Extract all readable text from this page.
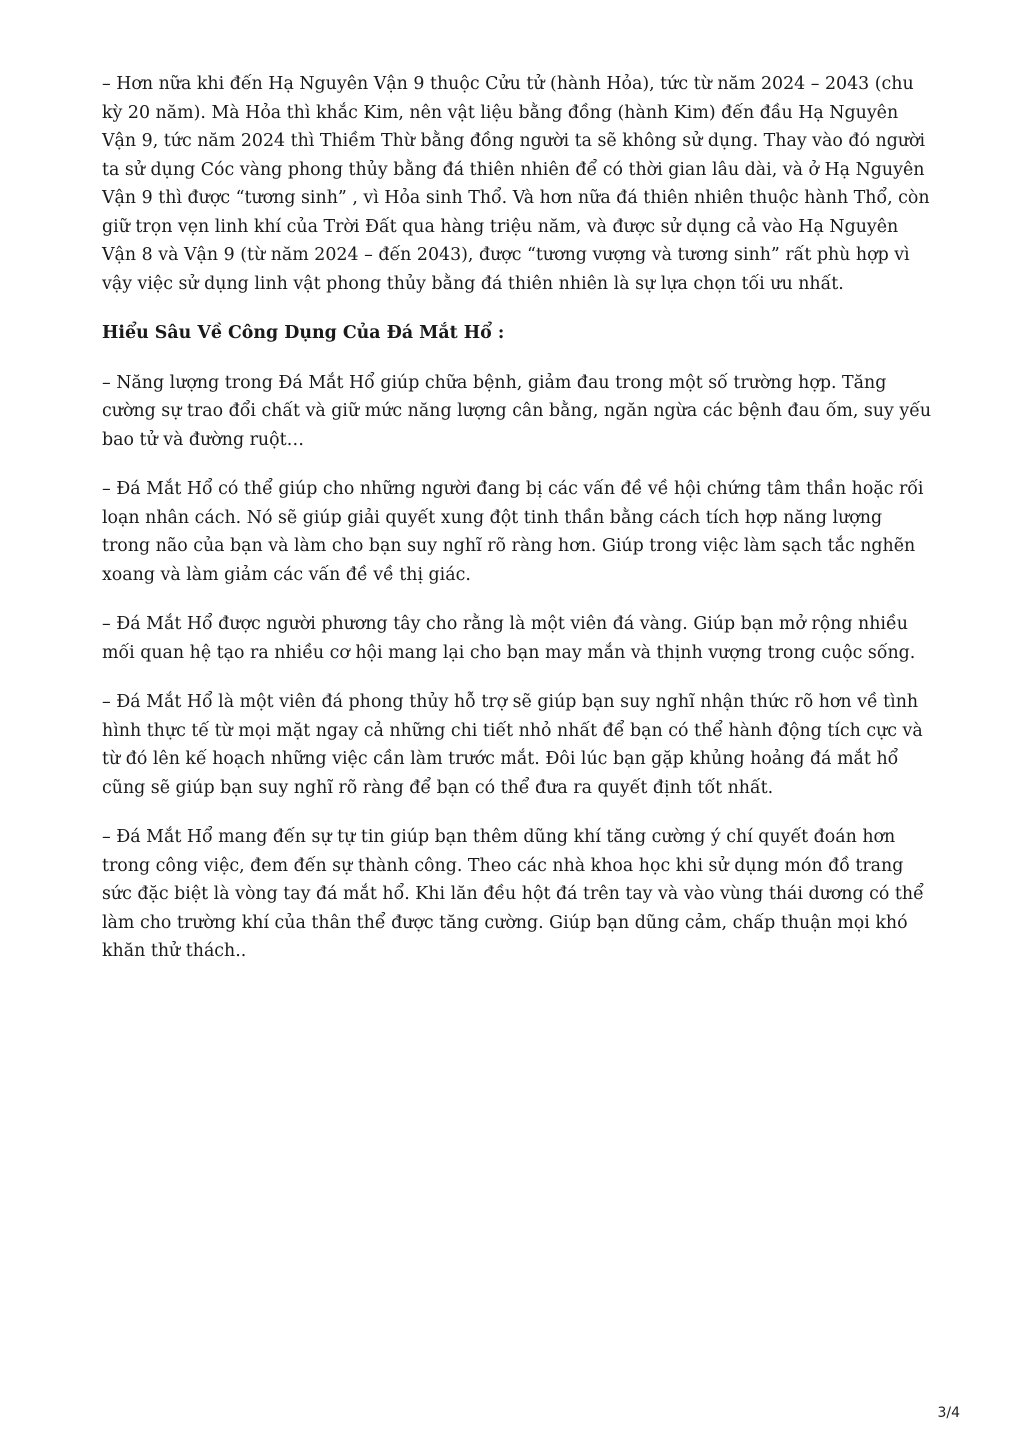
– Hơn nữa khi đến Hạ Nguyên Vận 9 thuộc Cửu tử (hành Hỏa), tức từ năm 2024 – 2043 (chu kỳ 20 năm). Mà Hỏa thì khắc Kim, nên vật liệu bằng đồng (hành Kim) đến đầu Hạ Nguyên Vận 9, tức năm 2024 thì Thiềm Thừ bằng đồng người ta sẽ không sử dụng. Thay vào đó người ta sử dụng Cóc vàng phong thủy bằng đá thiên nhiên để có thời gian lâu dài, và ở Hạ Nguyên Vận 9 thì được “tương sinh” , vì Hỏa sinh Thổ. Và hơn nữa đá thiên nhiên thuộc hành Thổ, còn giữ trọn vẹn linh khí của Trời Đất qua hàng triệu năm, và được sử dụng cả vào Hạ Nguyên Vận 8 và Vận 9 (từ năm 2024 – đến 2043), được “tương vượng và tương sinh” rất phù hợp vì vậy việc sử dụng linh vật phong thủy bằng đá thiên nhiên là sự lựa chọn tối ưu nhất.

Hiểu Sâu Về Công Dụng Của Đá Mắt Hổ :

– Năng lượng trong Đá Mắt Hổ giúp chữa bệnh, giảm đau trong một số trường hợp. Tăng cường sự trao đổi chất và giữ mức năng lượng cân bằng, ngăn ngừa các bệnh đau ốm, suy yếu bao tử và đường ruột…

– Đá Mắt Hổ có thể giúp cho những người đang bị các vấn đề về hội chứng tâm thần hoặc rối loạn nhân cách. Nó sẽ giúp giải quyết xung đột tinh thần bằng cách tích hợp năng lượng trong não của bạn và làm cho bạn suy nghĩ rõ ràng hơn. Giúp trong việc làm sạch tắc nghẽn xoang và làm giảm các vấn đề về thị giác.

– Đá Mắt Hổ được người phương tây cho rằng là một viên đá vàng. Giúp bạn mở rộng nhiều mối quan hệ tạo ra nhiều cơ hội mang lại cho bạn may mắn và thịnh vượng trong cuộc sống.

– Đá Mắt Hổ là một viên đá phong thủy hỗ trợ sẽ giúp bạn suy nghĩ nhận thức rõ hơn về tình hình thực tế từ mọi mặt ngay cả những chi tiết nhỏ nhất để bạn có thể hành động tích cực và từ đó lên kế hoạch những việc cần làm trước mắt. Đôi lúc bạn gặp khủng hoảng đá mắt hổ cũng sẽ giúp bạn suy nghĩ rõ ràng để bạn có thể đưa ra quyết định tốt nhất.

– Đá Mắt Hổ mang đến sự tự tin giúp bạn thêm dũng khí tăng cường ý chí quyết đoán hơn trong công việc, đem đến sự thành công. Theo các nhà khoa học khi sử dụng món đồ trang sức đặc biệt là vòng tay đá mắt hổ. Khi lăn đều hột đá trên tay và vào vùng thái dương có thể làm cho trường khí của thân thể được tăng cường. Giúp bạn dũng cảm, chấp thuận mọi khó khăn thử thách..

3/4
